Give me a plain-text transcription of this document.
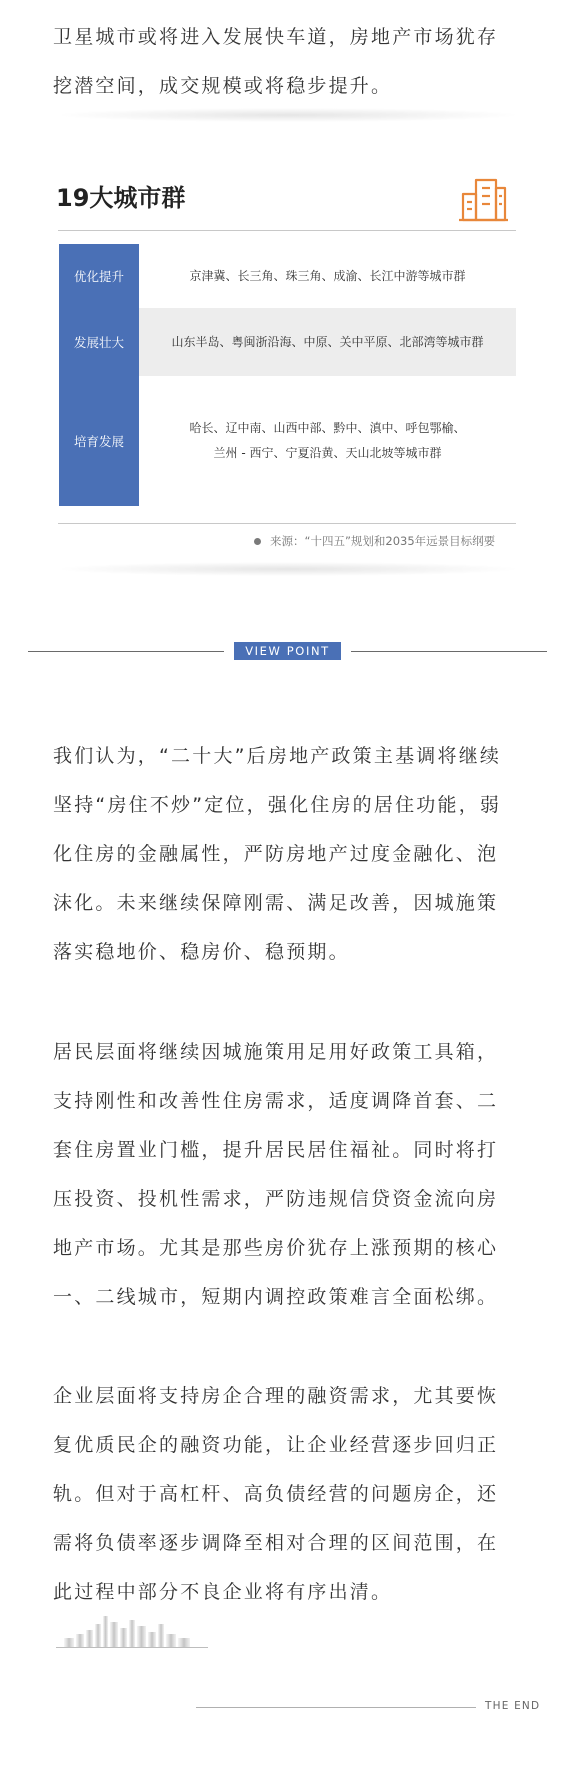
卫星城市或将进入发展快车道，房地产市场犹存
挖潜空间，成交规模或将稳步提升。
19大城市群
优化提升	京津冀、长三角、珠三角、成渝、长江中游等城市群
发展壮大	山东半岛、粤闽浙沿海、中原、关中平原、北部湾等城市群
培育发展
哈长、辽中南、山西中部、黔中、滇中、呼包鄂榆、
兰州 - 西宁、宁夏沿黄、天山北坡等城市群
来源：“十四五”规划和2035年远景目标纲要
VIEW POINT
我们认为，“二十大”后房地产政策主基调将继续
坚持“房住不炒”定位，强化住房的居住功能，弱
化住房的金融属性，严防房地产过度金融化、泡
沫化。未来继续保障刚需、满足改善，因城施策
落实稳地价、稳房价、稳预期。
居民层面将继续因城施策用足用好政策工具箱，
支持刚性和改善性住房需求，适度调降首套、二
套住房置业门槛，提升居民居住福祉。同时将打
压投资、投机性需求，严防违规信贷资金流向房
地产市场。尤其是那些房价犹存上涨预期的核心
一、二线城市，短期内调控政策难言全面松绑。
企业层面将支持房企合理的融资需求，尤其要恢
复优质民企的融资功能，让企业经营逐步回归正
轨。但对于高杠杆、高负债经营的问题房企，还
需将负债率逐步调降至相对合理的区间范围，在
此过程中部分不良企业将有序出清。
THE END
